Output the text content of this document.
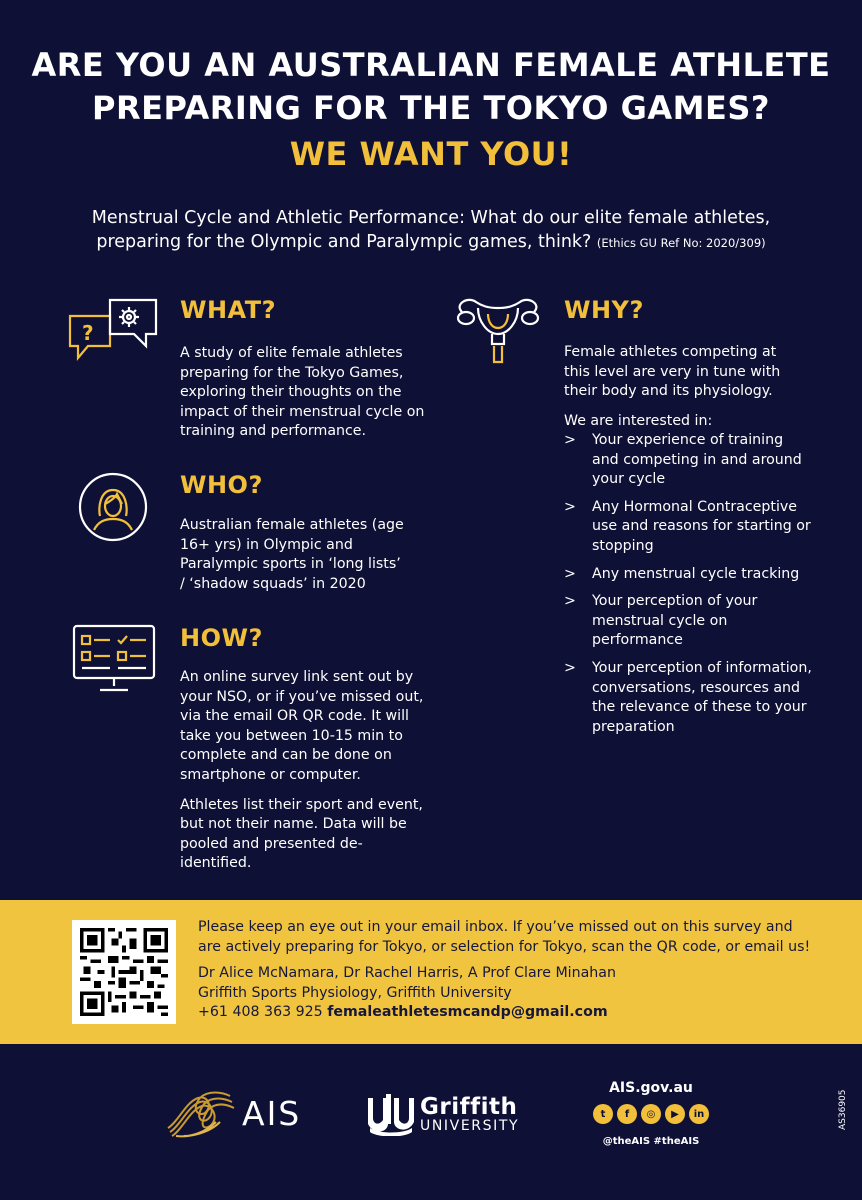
ARE YOU AN AUSTRALIAN FEMALE ATHLETE
PREPARING FOR THE TOKYO GAMES?
WE WANT YOU!
Menstrual Cycle and Athletic Performance: What do our elite female athletes,
preparing for the Olympic and Paralympic games, think? (Ethics GU Ref No: 2020/309)
?
WHAT?
A study of elite female athletes preparing for the Tokyo Games, exploring their thoughts on the impact of their menstrual cycle on training and performance.
WHO?
Australian female athletes (age 16+ yrs) in Olympic and Paralympic sports in ‘long lists’ / ‘shadow squads’ in 2020
HOW?

An online survey link sent out by your NSO, or if you’ve missed out, via the email OR QR code. It will take you between 10-15 min to complete and can be done on smartphone or computer.

Athletes list their sport and event, but not their name. Data will be pooled and presented de-identified.

WHY?

Female athletes competing at this level are very in tune with their body and its physiology.

We are interested in:

> Your experience of training and competing in and around your cycle
> Any Hormonal Contraceptive use and reasons for starting or stopping
> Any menstrual cycle tracking
> Your perception of your menstrual cycle on performance
> Your perception of information, conversations, resources and the relevance of these to your preparation
Please keep an eye out in your email inbox. If you’ve missed out on this survey and are actively preparing for Tokyo, or selection for Tokyo, scan the QR code, or email us!
Dr Alice McNamara, Dr Rachel Harris, A Prof Clare Minahan
Griffith Sports Physiology, Griffith University
+61 408 363 925 femaleathletesmcandp@gmail.com
AIS	Griffith
UNIVERSITY
AIS.gov.au
t	f	◎	▶	in
@theAIS #theAIS
AS36905
